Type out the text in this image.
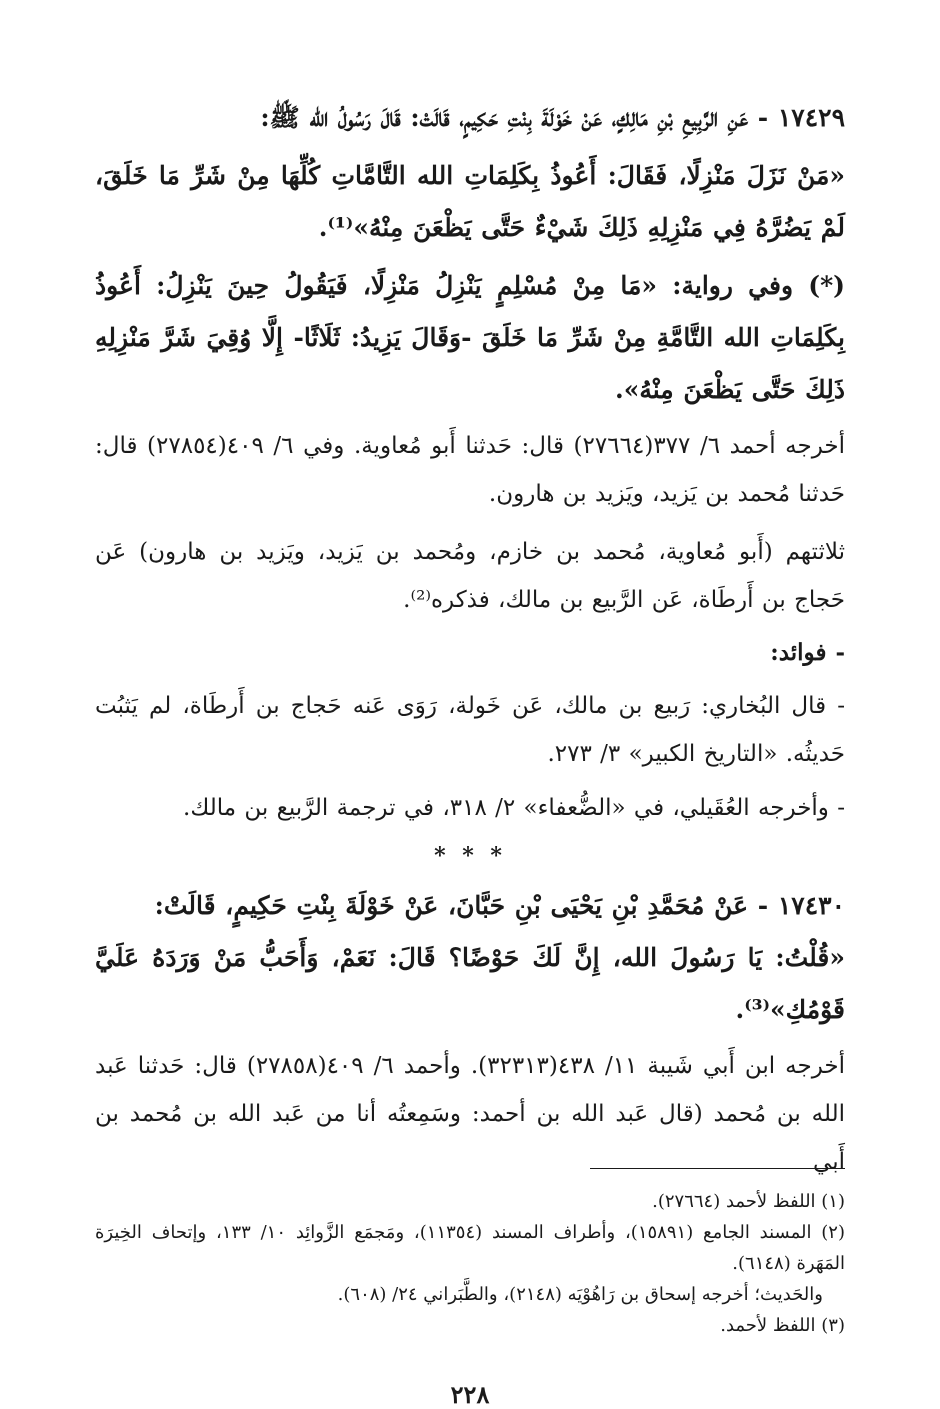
١٧٤٢٩ - عَنِ الرَّبِيعِ بْنِ مَالِكٍ، عَنْ خَوْلَةَ بِنْتِ حَكِيمٍ، قَالَتْ: قَالَ رَسُولُ الله ﷺ:

«مَنْ نَزَلَ مَنْزِلًا، فَقَالَ: أَعُوذُ بِكَلِمَاتِ الله التَّامَّاتِ كُلِّهَا مِنْ شَرِّ مَا خَلَقَ، لَمْ يَضُرَّهُ فِي مَنْزِلِهِ ذَلِكَ شَيْءٌ حَتَّى يَظْعَنَ مِنْهُ»⁽¹⁾.

(*) وفي رواية: «مَا مِنْ مُسْلِمٍ يَنْزِلُ مَنْزِلًا، فَيَقُولُ حِينَ يَنْزِلُ: أَعُوذُ بِكَلِمَاتِ الله التَّامَّةِ مِنْ شَرِّ مَا خَلَقَ -وَقَالَ يَزِيدُ: ثَلَاثًا- إِلَّا وُقِيَ شَرَّ مَنْزِلِهِ ذَلِكَ حَتَّى يَظْعَنَ مِنْهُ».

أخرجه أحمد ٦/ ٣٧٧(٢٧٦٦٤) قال: حَدثنا أَبو مُعاوية. وفي ٦/ ٤٠٩(٢٧٨٥٤) قال: حَدثنا مُحمد بن يَزيد، ويَزيد بن هارون.

ثلاثتهم (أَبو مُعاوية، مُحمد بن خازم، ومُحمد بن يَزيد، ويَزيد بن هارون) عَن حَجاج بن أَرطَاة، عَن الرَّبيع بن مالك، فذكره⁽²⁾.

- فوائد:

- قال البُخاري: رَبيع بن مالك، عَن خَولة، رَوَى عَنه حَجاج بن أَرطَاة، لم يَثبُت حَديثُه. «التاريخ الكبير» ٣/ ٢٧٣.

- وأخرجه العُقَيلي، في «الضُّعفاء» ٢/ ٣١٨، في ترجمة الرَّبيع بن مالك.

* * *

١٧٤٣٠ - عَنْ مُحَمَّدِ بْنِ يَحْيَى بْنِ حَبَّانَ، عَنْ خَوْلَةَ بِنْتِ حَكِيمٍ، قَالَتْ:

«قُلْتُ: يَا رَسُولَ الله، إِنَّ لَكَ حَوْضًا؟ قَالَ: نَعَمْ، وَأَحَبُّ مَنْ وَرَدَهُ عَلَيَّ قَوْمُكِ»⁽³⁾.

أخرجه ابن أَبي شَيبة ١١/ ٤٣٨(٣٢٣١٣). وأحمد ٦/ ٤٠٩(٢٧٨٥٨) قال: حَدثنا عَبد الله بن مُحمد (قال عَبد الله بن أحمد: وسَمِعتُه أنا من عَبد الله بن مُحمد بن أَبي

(١) اللفظ لأحمد (٢٧٦٦٤).

(٢) المسند الجامع (١٥٨٩١)، وأطراف المسند (١١٣٥٤)، ومَجمَع الزَّوائِد ١٠/ ١٣٣، وإتحاف الخِيرَة المَهَرة (٦١٤٨).

والحَديث؛ أخرجه إسحاق بن رَاهُوْيَه (٢١٤٨)، والطَّبَراني ٢٤/ (٦٠٨).

(٣) اللفظ لأحمد.

٢٢٨
